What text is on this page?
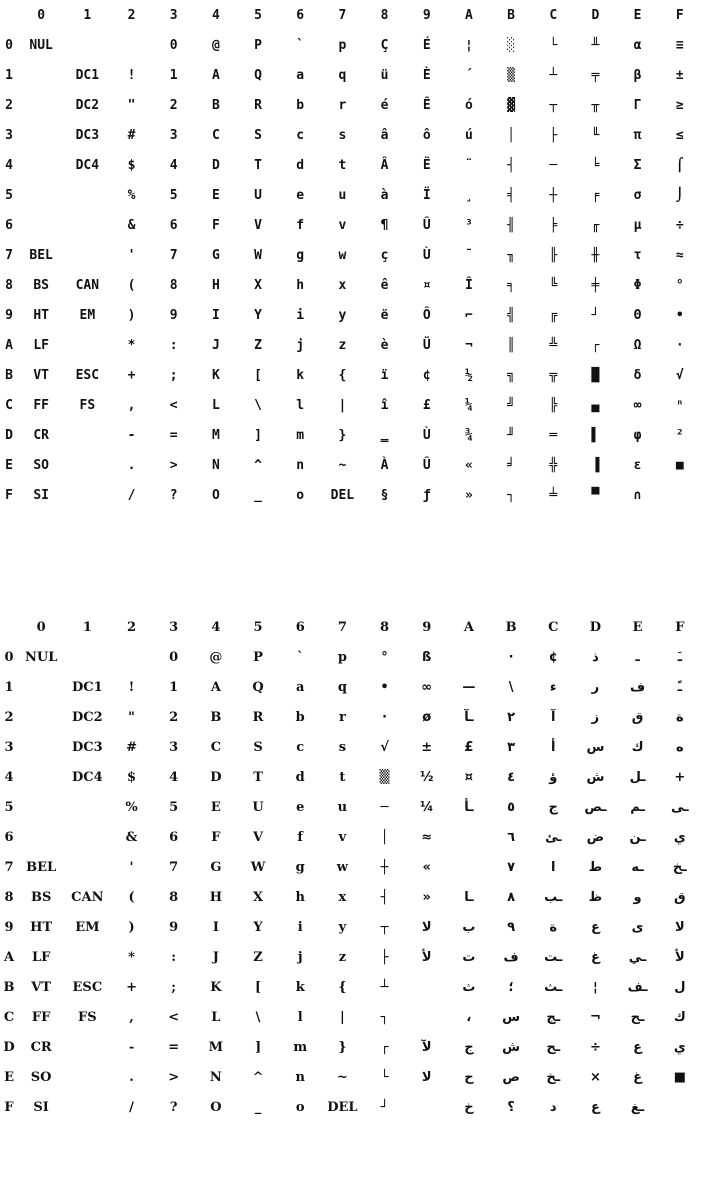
	0	1	2	3	4	5	6	7	8	9	A	B	C	D	E	F
0	NUL			0	@	P	`	p	Ç	É	¦	░	└	╨	α	≡
1		DC1	!	1	A	Q	a	q	ü	È	´	▒	┴	╤	β	±
2		DC2	"	2	B	R	b	r	é	Ê	ó	▓	┬	╥	Γ	≥
3		DC3	#	3	C	S	c	s	â	ô	ú	│	├	╙	π	≤
4		DC4	$	4	D	T	d	t	Â	Ë	¨	┤	─	╘	Σ	⌠
5			%	5	E	U	e	u	à	Ï	¸	╡	┼	╒	σ	⌡
6			&	6	F	V	f	v	¶	Û	³	╢	╞	╓	µ	÷
7	BEL		'	7	G	W	g	w	ç	Ù	¯	╖	╟	╫	τ	≈
8	BS	CAN	(	8	H	X	h	x	ê	¤	Î	╕	╚	╪	Φ	°
9	HT	EM	)	9	I	Y	i	y	ë	Ô	⌐	╣	╔	┘	Θ	•
A	LF		*	:	J	Z	j	z	è	Ü	¬	║	╩	┌	Ω	·
B	VT	ESC	+	;	K	[	k	{	ï	¢	½	╗	╦	█	δ	√
C	FF	FS	,	<	L	\	l	|	î	£	¼	╝	╠	▄	∞	ⁿ
D	CR		-	=	M	]	m	}	‗	Ù	¾	╜	═	▌	φ	²
E	SO		.	>	N	^	n	~	À	Û	«	╛	╬	▐	ε	■
F	SI		/	?	O	_	o	DEL	§	ƒ	»	┐	╧	▀	∩	
	0	1	2	3	4	5	6	7	8	9	A	B	C	D	E	F
0	NUL			0	@	P	`	p	°	ß		·	¢	ذ	ـ	ـَ
1		DC1	!	1	A	Q	a	q	•	∞	—	\	ء	ر	ف	ـً
2		DC2	"	2	B	R	b	r	·	ø	ـآ	٢	آ	ز	ق	ة
3		DC3	#	3	C	S	c	s	√	±	£	٣	أ	س	ك	ه
4		DC4	$	4	D	T	d	t	▒	½	¤	٤	ؤ	ش	ـل	+
5			%	5	E	U	e	u	─	¼	ـأ	٥	ج	ـص	ـم	ـى
6			&	6	F	V	f	v	│	≈		٦	ـئ	ض	ـن	ي
7	BEL		'	7	G	W	g	w	┼	«		٧	ا	ط	ـه	ـخ
8	BS	CAN	(	8	H	X	h	x	┤	»	ـا	٨	ـب	ظ	و	ق
9	HT	EM	)	9	I	Y	i	y	┬	لا	ب	٩	ة	ع	ى	لا
A	LF		*	:	J	Z	j	z	├	لأ	ت	ف	ـت	غ	ـي	لأ
B	VT	ESC	+	;	K	[	k	{	┴		ث	؛	ـث	¦	ـف	ل
C	FF	FS	,	<	L	\	l	|	┐		،	س	ـج	¬	ـح	ك
D	CR		-	=	M	]	m	}	┌	لآ	ج	ش	ـح	÷	ع	ي
E	SO		.	>	N	^	n	~	└	لا	ح	ص	ـخ	×	غ	■
F	SI		/	?	O	_	o	DEL	┘		خ	؟	د	ع	ـغ	
